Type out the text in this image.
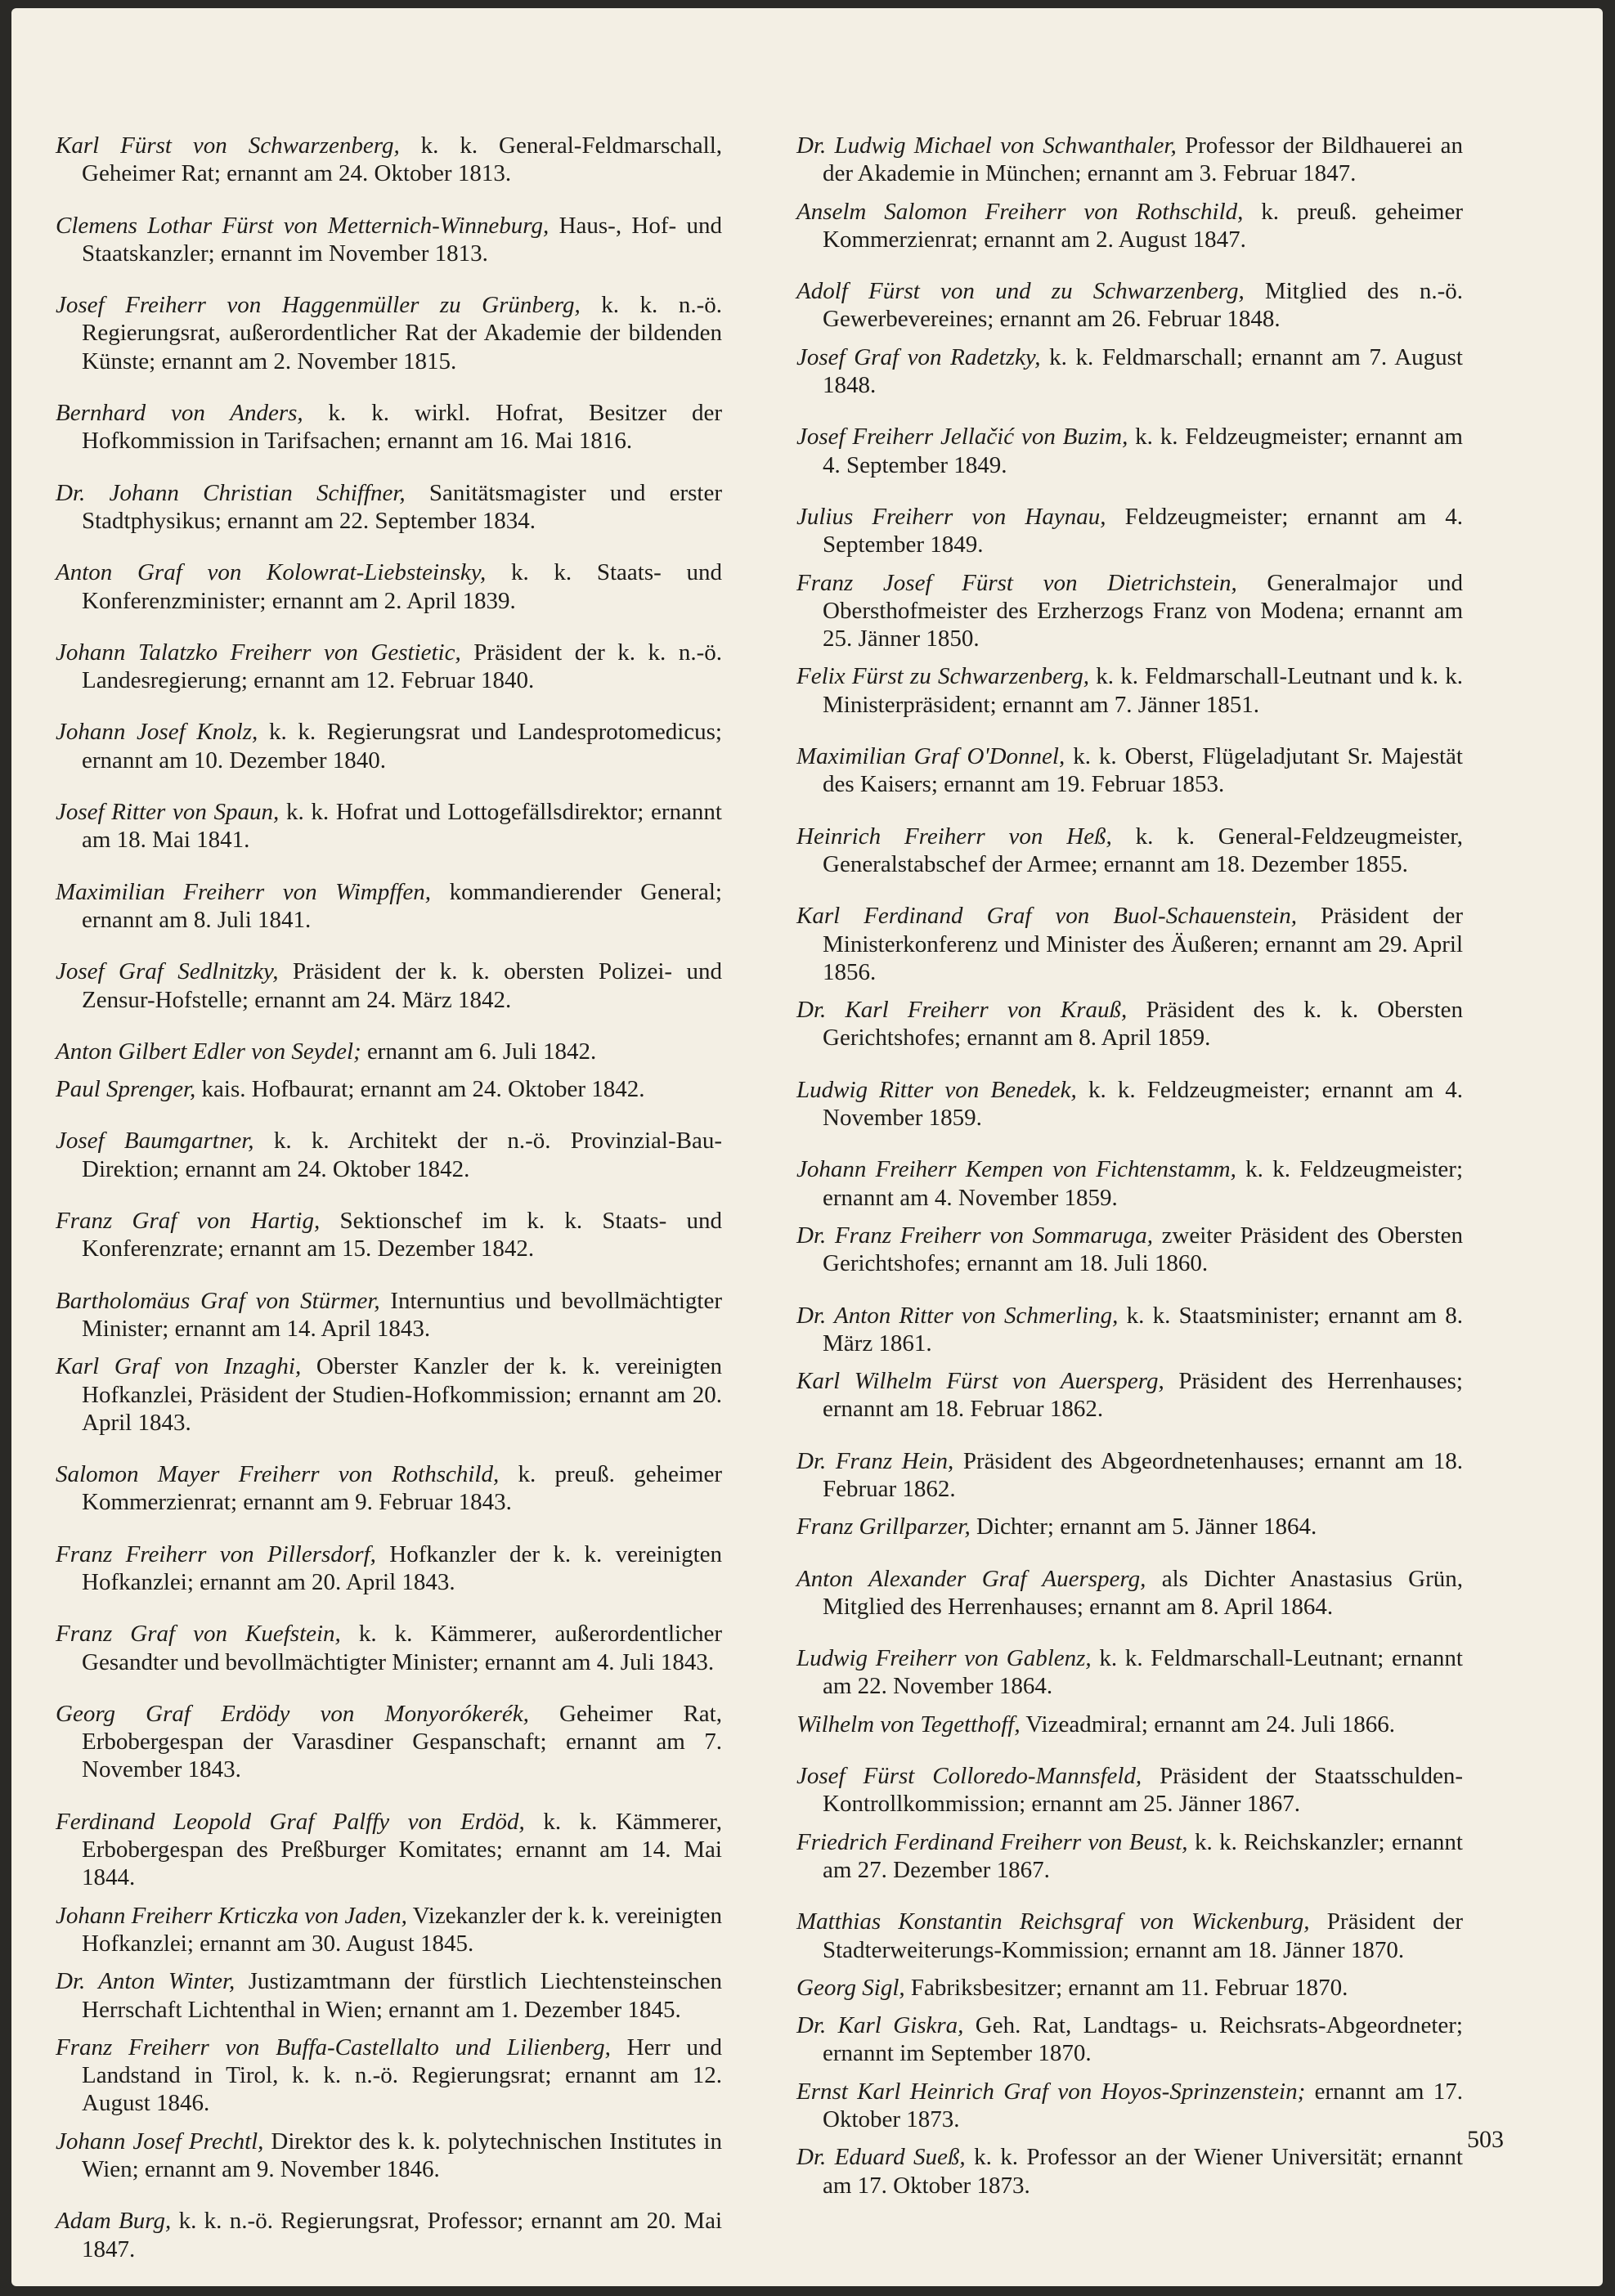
Karl Fürst von Schwarzenberg, k. k. General-Feldmarschall, Geheimer Rat; ernannt am 24. Oktober 1813.

Clemens Lothar Fürst von Metternich-Winneburg, Haus-, Hof- und Staatskanzler; ernannt im November 1813.

Josef Freiherr von Haggenmüller zu Grünberg, k. k. n.-ö. Regierungsrat, außerordentlicher Rat der Akademie der bildenden Künste; ernannt am 2. November 1815.

Bernhard von Anders, k. k. wirkl. Hofrat, Besitzer der Hofkommission in Tarifsachen; ernannt am 16. Mai 1816.

Dr. Johann Christian Schiffner, Sanitätsmagister und erster Stadtphysikus; ernannt am 22. September 1834.

Anton Graf von Kolowrat-Liebsteinsky, k. k. Staats- und Konferenzminister; ernannt am 2. April 1839.

Johann Talatzko Freiherr von Gestietic, Präsident der k. k. n.-ö. Landesregierung; ernannt am 12. Februar 1840.

Johann Josef Knolz, k. k. Regierungsrat und Landesprotomedicus; ernannt am 10. Dezember 1840.

Josef Ritter von Spaun, k. k. Hofrat und Lottogefällsdirektor; ernannt am 18. Mai 1841.

Maximilian Freiherr von Wimpffen, kommandierender General; ernannt am 8. Juli 1841.

Josef Graf Sedlnitzky, Präsident der k. k. obersten Polizei- und Zensur-Hofstelle; ernannt am 24. März 1842.

Anton Gilbert Edler von Seydel; ernannt am 6. Juli 1842.

Paul Sprenger, kais. Hofbaurat; ernannt am 24. Oktober 1842.

Josef Baumgartner, k. k. Architekt der n.-ö. Provinzial-Bau-Direktion; ernannt am 24. Oktober 1842.

Franz Graf von Hartig, Sektionschef im k. k. Staats- und Konferenzrate; ernannt am 15. Dezember 1842.

Bartholomäus Graf von Stürmer, Internuntius und bevollmächtigter Minister; ernannt am 14. April 1843.

Karl Graf von Inzaghi, Oberster Kanzler der k. k. vereinigten Hofkanzlei, Präsident der Studien-Hofkommission; ernannt am 20. April 1843.

Salomon Mayer Freiherr von Rothschild, k. preuß. geheimer Kommerzienrat; ernannt am 9. Februar 1843.

Franz Freiherr von Pillersdorf, Hofkanzler der k. k. vereinigten Hofkanzlei; ernannt am 20. April 1843.

Franz Graf von Kuefstein, k. k. Kämmerer, außerordentlicher Gesandter und bevollmächtigter Minister; ernannt am 4. Juli 1843.

Georg Graf Erdödy von Monyorókerék, Geheimer Rat, Erbobergespan der Varasdiner Gespanschaft; ernannt am 7. November 1843.

Ferdinand Leopold Graf Palffy von Erdöd, k. k. Kämmerer, Erbobergespan des Preßburger Komitates; ernannt am 14. Mai 1844.

Johann Freiherr Krticzka von Jaden, Vizekanzler der k. k. vereinigten Hofkanzlei; ernannt am 30. August 1845.

Dr. Anton Winter, Justizamtmann der fürstlich Liechtensteinschen Herrschaft Lichtenthal in Wien; ernannt am 1. Dezember 1845.

Franz Freiherr von Buffa-Castellalto und Lilienberg, Herr und Landstand in Tirol, k. k. n.-ö. Regierungsrat; ernannt am 12. August 1846.

Johann Josef Prechtl, Direktor des k. k. polytechnischen Institutes in Wien; ernannt am 9. November 1846.

Adam Burg, k. k. n.-ö. Regierungsrat, Professor; ernannt am 20. Mai 1847.

Dr. Ludwig Michael von Schwanthaler, Professor der Bildhauerei an der Akademie in München; ernannt am 3. Februar 1847.

Anselm Salomon Freiherr von Rothschild, k. preuß. geheimer Kommerzienrat; ernannt am 2. August 1847.

Adolf Fürst von und zu Schwarzenberg, Mitglied des n.-ö. Gewerbevereines; ernannt am 26. Februar 1848.

Josef Graf von Radetzky, k. k. Feldmarschall; ernannt am 7. August 1848.

Josef Freiherr Jellačić von Buzim, k. k. Feldzeugmeister; ernannt am 4. September 1849.

Julius Freiherr von Haynau, Feldzeugmeister; ernannt am 4. September 1849.

Franz Josef Fürst von Dietrichstein, Generalmajor und Obersthofmeister des Erzherzogs Franz von Modena; ernannt am 25. Jänner 1850.

Felix Fürst zu Schwarzenberg, k. k. Feldmarschall-Leutnant und k. k. Ministerpräsident; ernannt am 7. Jänner 1851.

Maximilian Graf O'Donnel, k. k. Oberst, Flügeladjutant Sr. Majestät des Kaisers; ernannt am 19. Februar 1853.

Heinrich Freiherr von Heß, k. k. General-Feldzeugmeister, Generalstabschef der Armee; ernannt am 18. Dezember 1855.

Karl Ferdinand Graf von Buol-Schauenstein, Präsident der Ministerkonferenz und Minister des Äußeren; ernannt am 29. April 1856.

Dr. Karl Freiherr von Krauß, Präsident des k. k. Obersten Gerichtshofes; ernannt am 8. April 1859.

Ludwig Ritter von Benedek, k. k. Feldzeugmeister; ernannt am 4. November 1859.

Johann Freiherr Kempen von Fichtenstamm, k. k. Feldzeugmeister; ernannt am 4. November 1859.

Dr. Franz Freiherr von Sommaruga, zweiter Präsident des Obersten Gerichtshofes; ernannt am 18. Juli 1860.

Dr. Anton Ritter von Schmerling, k. k. Staatsminister; ernannt am 8. März 1861.

Karl Wilhelm Fürst von Auersperg, Präsident des Herrenhauses; ernannt am 18. Februar 1862.

Dr. Franz Hein, Präsident des Abgeordnetenhauses; ernannt am 18. Februar 1862.

Franz Grillparzer, Dichter; ernannt am 5. Jänner 1864.

Anton Alexander Graf Auersperg, als Dichter Anastasius Grün, Mitglied des Herrenhauses; ernannt am 8. April 1864.

Ludwig Freiherr von Gablenz, k. k. Feldmarschall-Leutnant; ernannt am 22. November 1864.

Wilhelm von Tegetthoff, Vizeadmiral; ernannt am 24. Juli 1866.

Josef Fürst Colloredo-Mannsfeld, Präsident der Staatsschulden-Kontrollkommission; ernannt am 25. Jänner 1867.

Friedrich Ferdinand Freiherr von Beust, k. k. Reichskanzler; ernannt am 27. Dezember 1867.

Matthias Konstantin Reichsgraf von Wickenburg, Präsident der Stadterweiterungs-Kommission; ernannt am 18. Jänner 1870.

Georg Sigl, Fabriksbesitzer; ernannt am 11. Februar 1870.

Dr. Karl Giskra, Geh. Rat, Landtags- u. Reichsrats-Abgeordneter; ernannt im September 1870.

Ernst Karl Heinrich Graf von Hoyos-Sprinzenstein; ernannt am 17. Oktober 1873.

Dr. Eduard Sueß, k. k. Professor an der Wiener Universität; ernannt am 17. Oktober 1873.

503
